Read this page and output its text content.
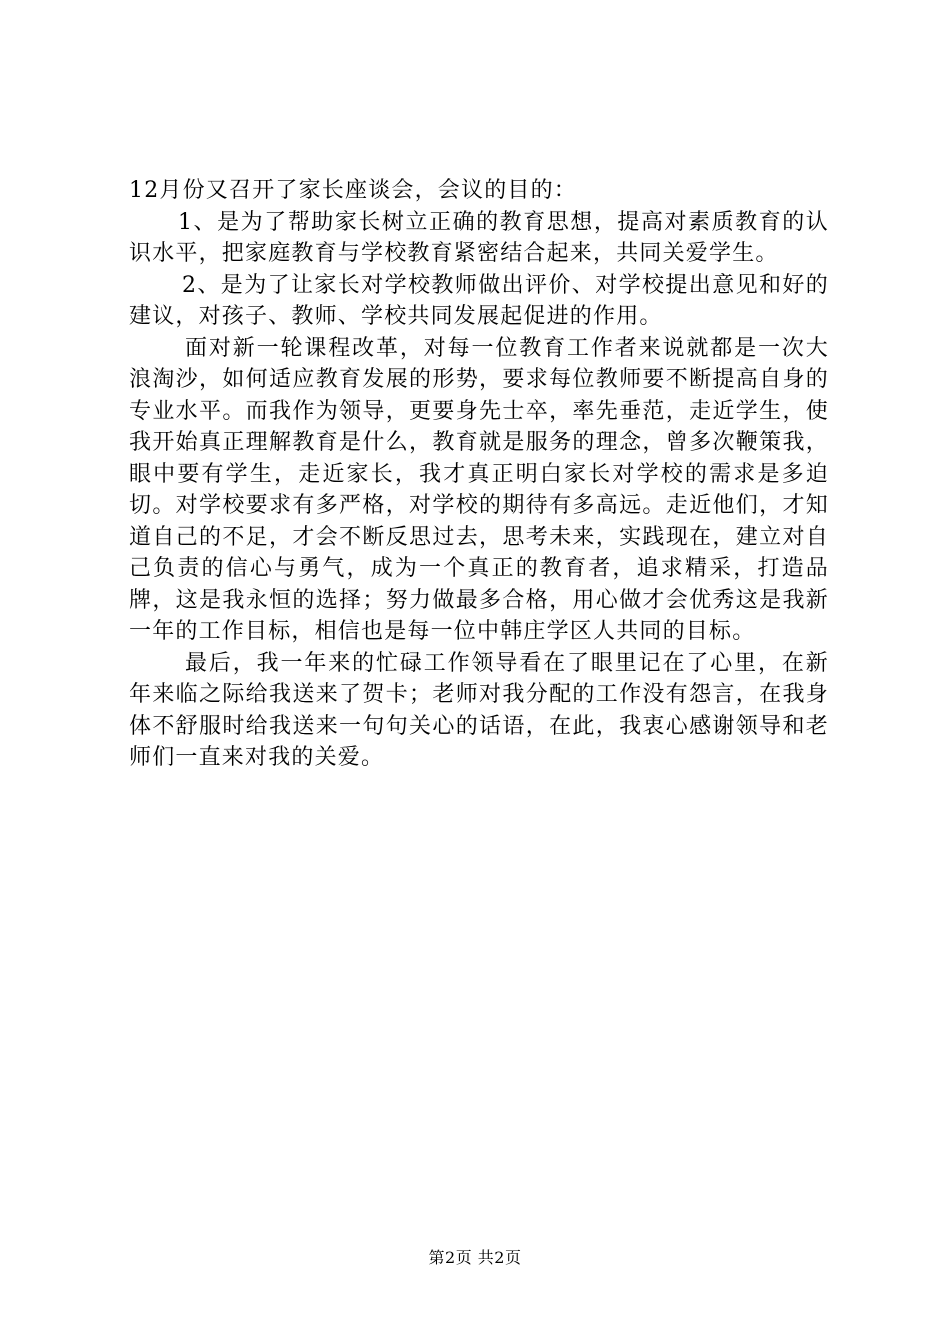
12月份又召开了家长座谈会，会议的目的：

1、是为了帮助家长树立正确的教育思想，提高对素质教育的认识水平，把家庭教育与学校教育紧密结合起来，共同关爱学生。

2、是为了让家长对学校教师做出评价、对学校提出意见和好的建议，对孩子、教师、学校共同发展起促进的作用。

面对新一轮课程改革，对每一位教育工作者来说就都是一次大浪淘沙，如何适应教育发展的形势，要求每位教师要不断提高自身的专业水平。而我作为领导，更要身先士卒，率先垂范，走近学生，使我开始真正理解教育是什么，教育就是服务的理念，曾多次鞭策我，眼中要有学生，走近家长，我才真正明白家长对学校的需求是多迫切。对学校要求有多严格，对学校的期待有多高远。走近他们，才知道自己的不足，才会不断反思过去，思考未来，实践现在，建立对自己负责的信心与勇气，成为一个真正的教育者，追求精采，打造品牌，这是我永恒的选择；努力做最多合格，用心做才会优秀这是我新一年的工作目标，相信也是每一位中韩庄学区人共同的目标。

最后，我一年来的忙碌工作领导看在了眼里记在了心里，在新年来临之际给我送来了贺卡；老师对我分配的工作没有怨言，在我身体不舒服时给我送来一句句关心的话语，在此，我衷心感谢领导和老师们一直来对我的关爱。

第2页 共2页
